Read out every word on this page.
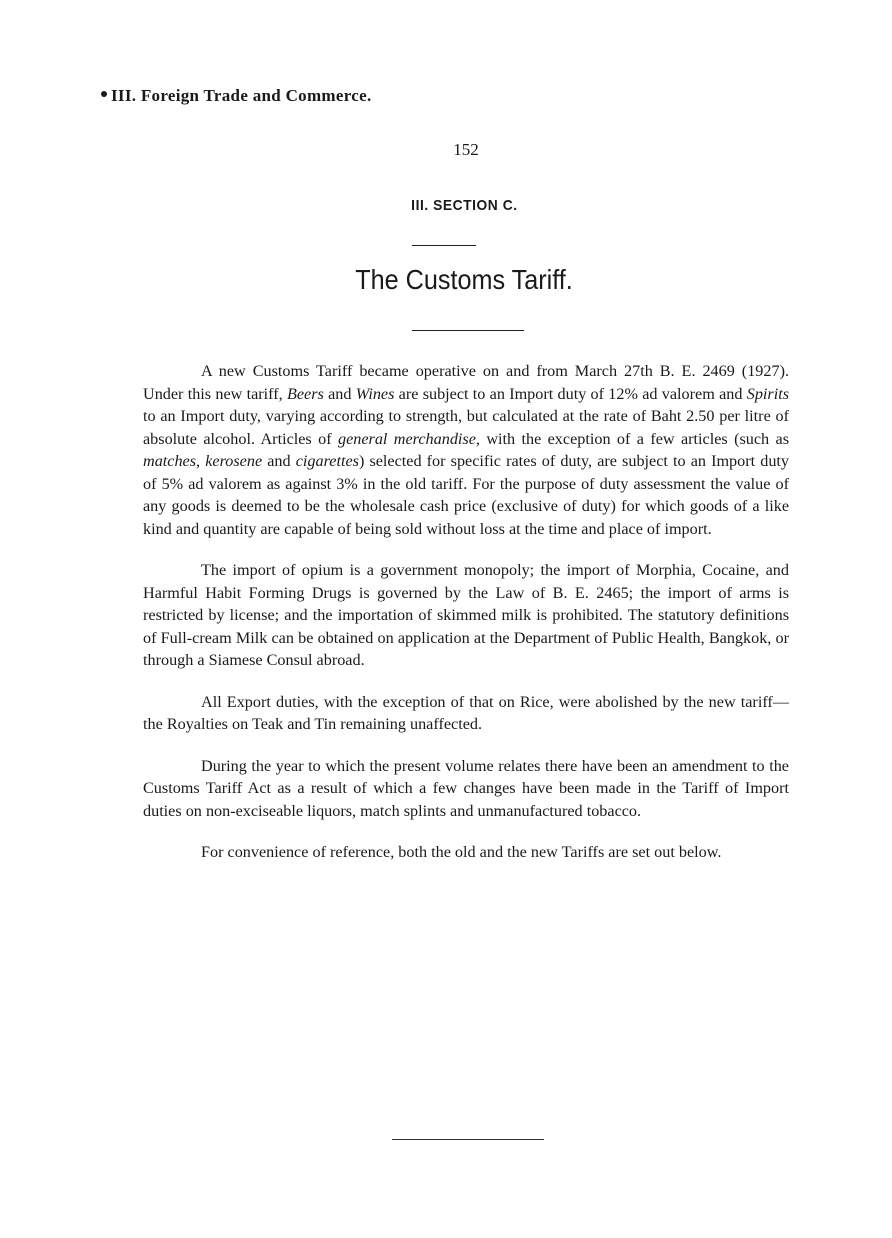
III. Foreign Trade and Commerce.
152
III. SECTION C.
The Customs Tariff.

A new Customs Tariff became operative on and from March 27th B. E. 2469 (1927). Under this new tariff, Beers and Wines are subject to an Import duty of 12% ad valorem and Spirits to an Import duty, varying according to strength, but calculated at the rate of Baht 2.50 per litre of absolute alcohol. Articles of general merchandise, with the exception of a few articles (such as matches, kerosene and cigarettes) selected for specific rates of duty, are subject to an Import duty of 5% ad valorem as against 3% in the old tariff. For the purpose of duty assessment the value of any goods is deemed to be the wholesale cash price (exclusive of duty) for which goods of a like kind and quantity are capable of being sold without loss at the time and place of import.

The import of opium is a government monopoly; the import of Morphia, Cocaine, and Harmful Habit Forming Drugs is governed by the Law of B. E. 2465; the import of arms is restricted by license; and the importation of skimmed milk is prohibited. The statutory definitions of Full-cream Milk can be obtained on application at the Department of Public Health, Bangkok, or through a Siamese Consul abroad.

All Export duties, with the exception of that on Rice, were abolished by the new tariff—the Royalties on Teak and Tin remaining unaffected.

During the year to which the present volume relates there have been an amendment to the Customs Tariff Act as a result of which a few changes have been made in the Tariff of Import duties on non-exciseable liquors, match splints and unmanufactured tobacco.

For convenience of reference, both the old and the new Tariffs are set out below.
